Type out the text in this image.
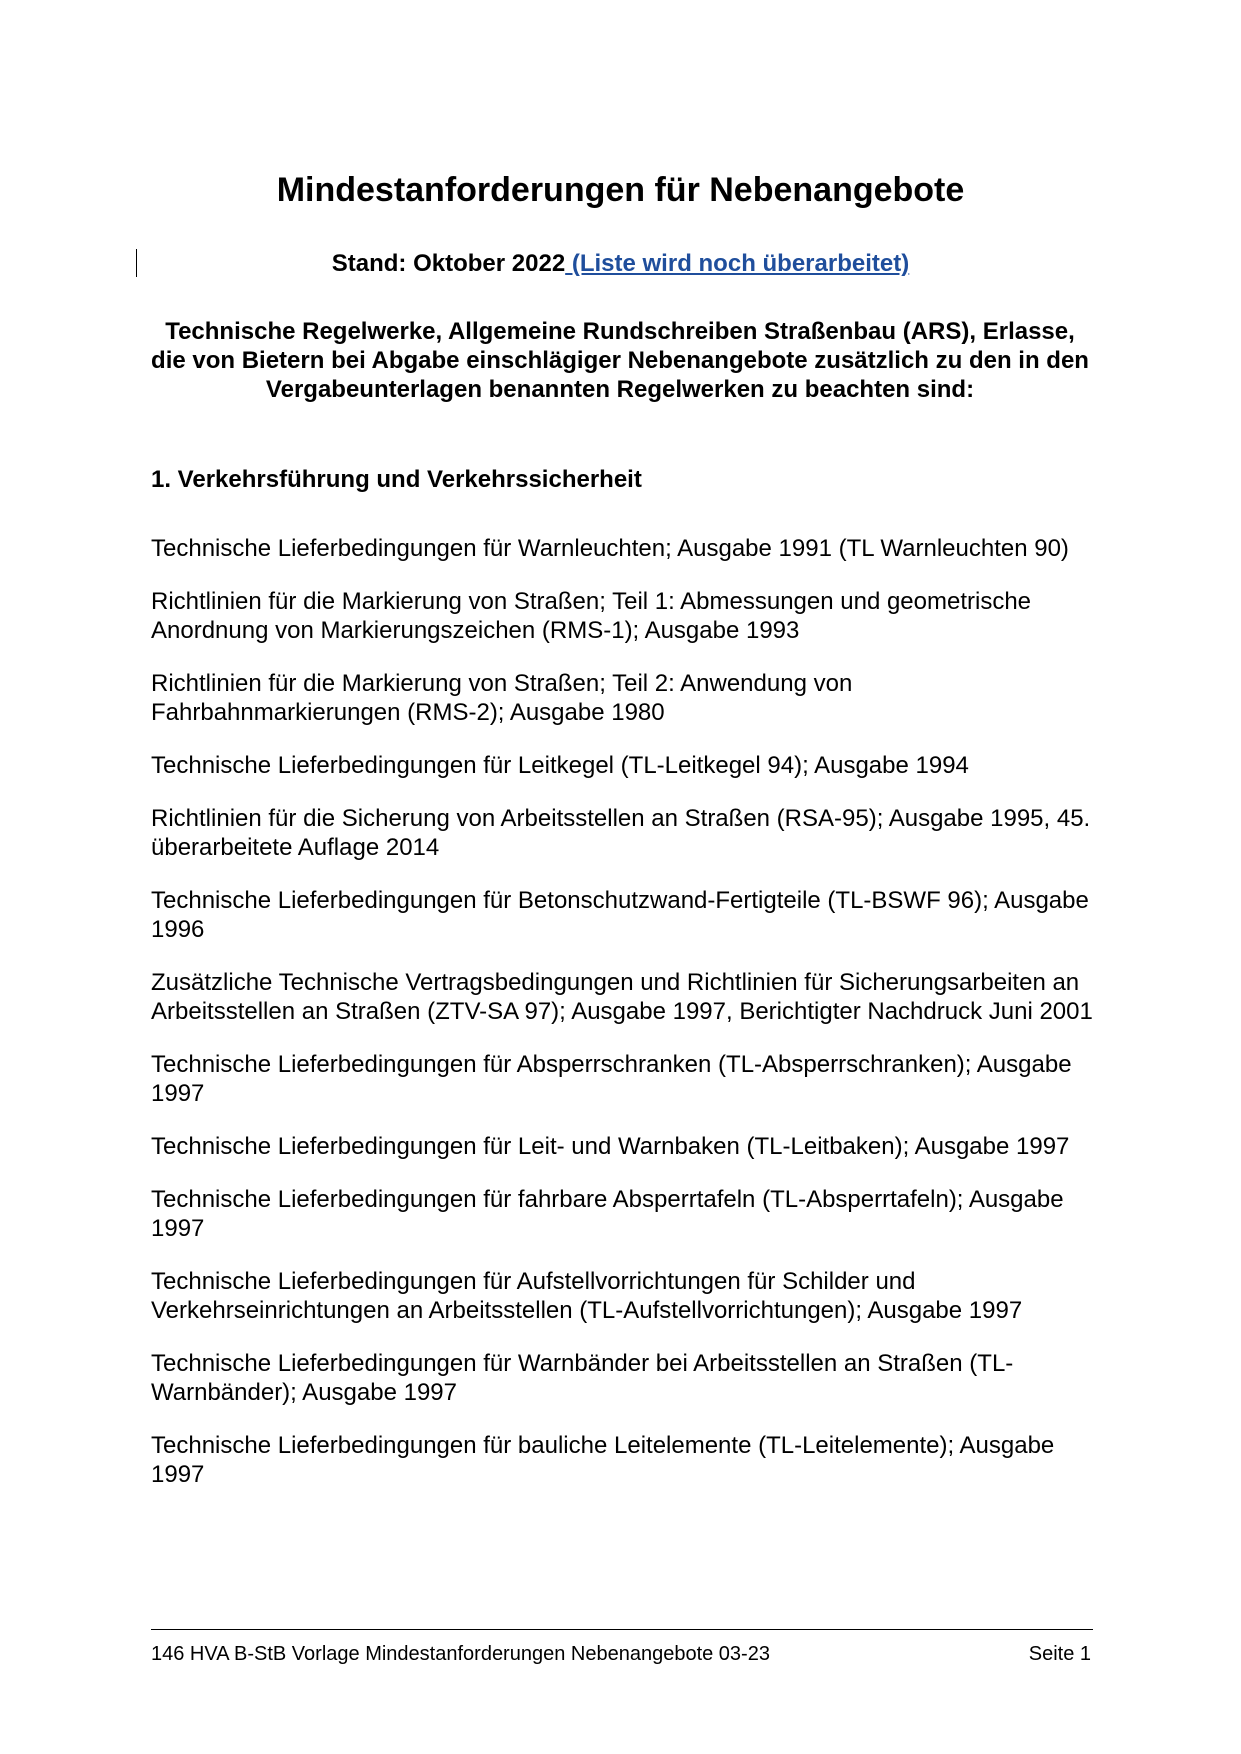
Mindestanforderungen für Nebenangebote
Stand: Oktober 2022 (Liste wird noch überarbeitet)
Technische Regelwerke, Allgemeine Rundschreiben Straßenbau (ARS), Erlasse, die von Bietern bei Abgabe einschlägiger Nebenangebote zusätzlich zu den in den Vergabeunterlagen benannten Regelwerken zu beachten sind:
1. Verkehrsführung und Verkehrssicherheit
Technische Lieferbedingungen für Warnleuchten; Ausgabe 1991 (TL Warnleuchten 90)
Richtlinien für die Markierung von Straßen; Teil 1: Abmessungen und geometrische Anordnung von Markierungszeichen (RMS-1); Ausgabe 1993
Richtlinien für die Markierung von Straßen; Teil 2: Anwendung von Fahrbahnmarkierungen (RMS-2); Ausgabe 1980
Technische Lieferbedingungen für Leitkegel (TL-Leitkegel 94); Ausgabe 1994
Richtlinien für die Sicherung von Arbeitsstellen an Straßen (RSA-95); Ausgabe 1995, 45. überarbeitete Auflage 2014
Technische Lieferbedingungen für Betonschutzwand-Fertigteile (TL-BSWF 96); Ausgabe 1996
Zusätzliche Technische Vertragsbedingungen und Richtlinien für Sicherungsarbeiten an Arbeitsstellen an Straßen (ZTV-SA 97); Ausgabe 1997, Berichtigter Nachdruck Juni 2001
Technische Lieferbedingungen für Absperrschranken (TL-Absperrschranken); Ausgabe 1997
Technische Lieferbedingungen für Leit- und Warnbaken (TL-Leitbaken); Ausgabe 1997
Technische Lieferbedingungen für fahrbare Absperrtafeln (TL-Absperrtafeln); Ausgabe 1997
Technische Lieferbedingungen für Aufstellvorrichtungen für Schilder und Verkehrseinrichtungen an Arbeitsstellen (TL-Aufstellvorrichtungen); Ausgabe 1997
Technische Lieferbedingungen für Warnbänder bei Arbeitsstellen an Straßen (TL-Warnbänder); Ausgabe 1997
Technische Lieferbedingungen für bauliche Leitelemente (TL-Leitelemente); Ausgabe 1997
146 HVA B-StB Vorlage Mindestanforderungen Nebenangebote 03-23	Seite 1
